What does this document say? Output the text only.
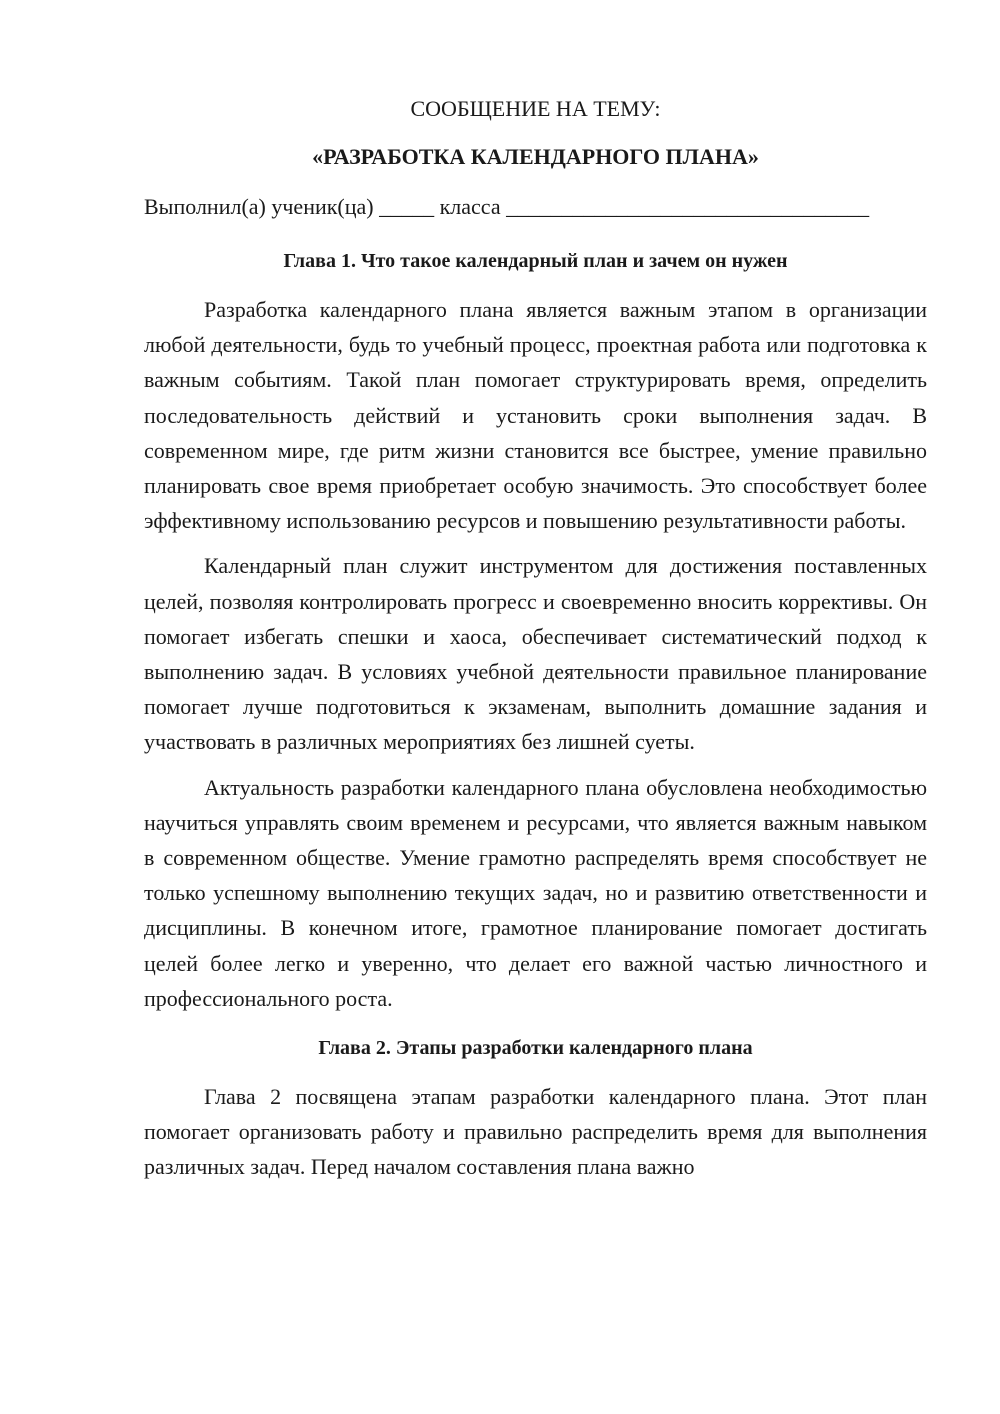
СООБЩЕНИЕ НА ТЕМУ:

«РАЗРАБОТКА КАЛЕНДАРНОГО ПЛАНА»

Выполнил(а) ученик(ца) _____ класса _________________________________
Глава 1. Что такое календарный план и зачем он нужен

Разработка календарного плана является важным этапом в организации любой деятельности, будь то учебный процесс, проектная работа или подготовка к важным событиям. Такой план помогает структурировать время, определить последовательность действий и установить сроки выполнения задач. В современном мире, где ритм жизни становится все быстрее, умение правильно планировать свое время приобретает особую значимость. Это способствует более эффективному использованию ресурсов и повышению результативности работы.

Календарный план служит инструментом для достижения поставленных целей, позволяя контролировать прогресс и своевременно вносить коррективы. Он помогает избегать спешки и хаоса, обеспечивает систематический подход к выполнению задач. В условиях учебной деятельности правильное планирование помогает лучше подготовиться к экзаменам, выполнить домашние задания и участвовать в различных мероприятиях без лишней суеты.

Актуальность разработки календарного плана обусловлена необходимостью научиться управлять своим временем и ресурсами, что является важным навыком в современном обществе. Умение грамотно распределять время способствует не только успешному выполнению текущих задач, но и развитию ответственности и дисциплины. В конечном итоге, грамотное планирование помогает достигать целей более легко и уверенно, что делает его важной частью личностного и профессионального роста.

Глава 2. Этапы разработки календарного плана

Глава 2 посвящена этапам разработки календарного плана. Этот план помогает организовать работу и правильно распределить время для выполнения различных задач. Перед началом составления плана важно
